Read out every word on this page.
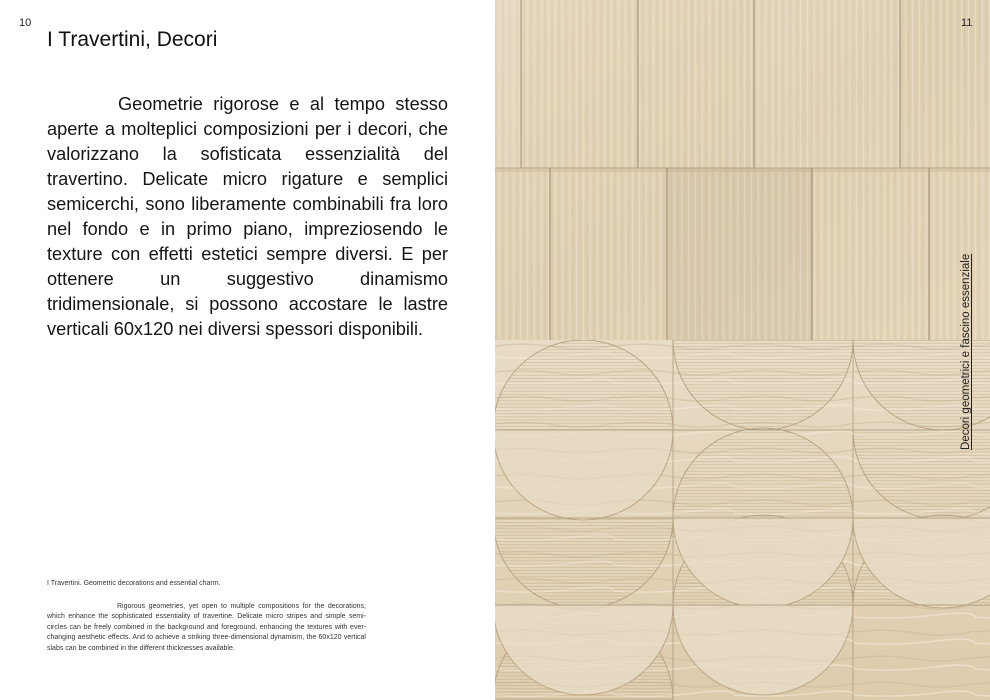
10
I Travertini, Decori

Geometrie rigorose e al tempo stesso aperte a molteplici composizioni per i decori, che valorizzano la sofisticata essenzialità del travertino. Delicate micro rigature e semplici semicerchi, sono liberamente combinabili fra loro nel fondo e in primo piano, impreziosendo le texture con effetti estetici sempre diversi. E per ottenere un suggestivo dinamismo tridimensionale, si possono accostare le lastre verticali 60x120 nei diversi spessori disponibili.

I Travertini. Geometric decorations and essential charm.

Rigorous geometries, yet open to multiple compositions for the decorations, which enhance the sophisticated essentiality of travertine. Delicate micro stripes and simple semi-circles can be freely combined in the background and foreground, enhancing the textures with ever-changing aesthetic effects. And to achieve a striking three-dimensional dynamism, the 60x120 vertical slabs can be combined in the different thicknesses available.

11
Decori geometrici e fascino essenziale
